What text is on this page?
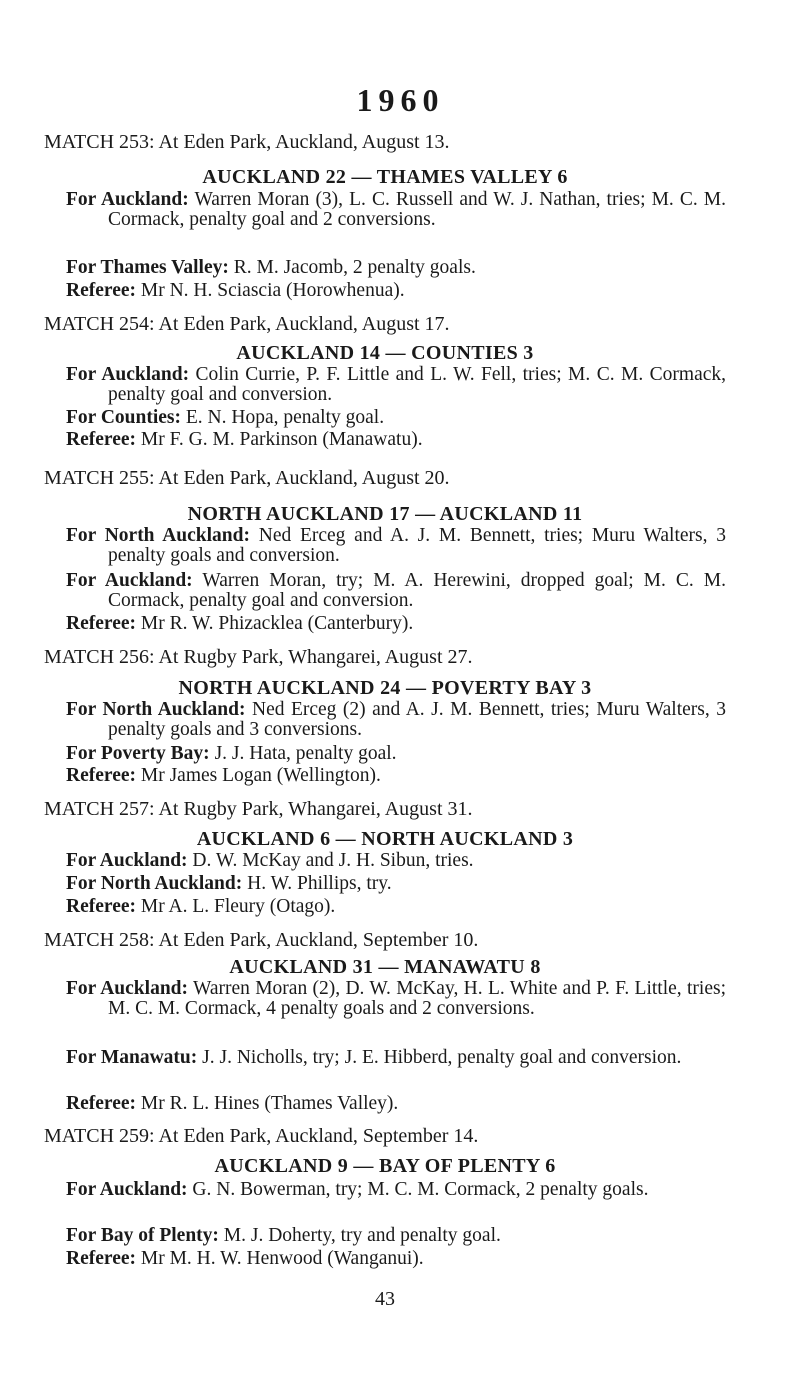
1960
MATCH 253: At Eden Park, Auckland, August 13.
AUCKLAND 22 — THAMES VALLEY 6
For Auckland: Warren Moran (3), L. C. Russell and W. J. Nathan, tries; M. C. M. Cormack, penalty goal and 2 conversions.
For Thames Valley: R. M. Jacomb, 2 penalty goals.
Referee: Mr N. H. Sciascia (Horowhenua).
MATCH 254: At Eden Park, Auckland, August 17.
AUCKLAND 14 — COUNTIES 3
For Auckland: Colin Currie, P. F. Little and L. W. Fell, tries; M. C. M. Cormack, penalty goal and conversion.
For Counties: E. N. Hopa, penalty goal.
Referee: Mr F. G. M. Parkinson (Manawatu).
MATCH 255: At Eden Park, Auckland, August 20.
NORTH AUCKLAND 17 — AUCKLAND 11
For North Auckland: Ned Erceg and A. J. M. Bennett, tries; Muru Walters, 3 penalty goals and conversion.
For Auckland: Warren Moran, try; M. A. Herewini, dropped goal; M. C. M. Cormack, penalty goal and conversion.
Referee: Mr R. W. Phizacklea (Canterbury).
MATCH 256: At Rugby Park, Whangarei, August 27.
NORTH AUCKLAND 24 — POVERTY BAY 3
For North Auckland: Ned Erceg (2) and A. J. M. Bennett, tries; Muru Walters, 3 penalty goals and 3 conversions.
For Poverty Bay: J. J. Hata, penalty goal.
Referee: Mr James Logan (Wellington).
MATCH 257: At Rugby Park, Whangarei, August 31.
AUCKLAND 6 — NORTH AUCKLAND 3
For Auckland: D. W. McKay and J. H. Sibun, tries.
For North Auckland: H. W. Phillips, try.
Referee: Mr A. L. Fleury (Otago).
MATCH 258: At Eden Park, Auckland, September 10.
AUCKLAND 31 — MANAWATU 8
For Auckland: Warren Moran (2), D. W. McKay, H. L. White and P. F. Little, tries; M. C. M. Cormack, 4 penalty goals and 2 conversions.
For Manawatu: J. J. Nicholls, try; J. E. Hibberd, penalty goal and conversion.
Referee: Mr R. L. Hines (Thames Valley).
MATCH 259: At Eden Park, Auckland, September 14.
AUCKLAND 9 — BAY OF PLENTY 6
For Auckland: G. N. Bowerman, try; M. C. M. Cormack, 2 penalty goals.
For Bay of Plenty: M. J. Doherty, try and penalty goal.
Referee: Mr M. H. W. Henwood (Wanganui).
43
